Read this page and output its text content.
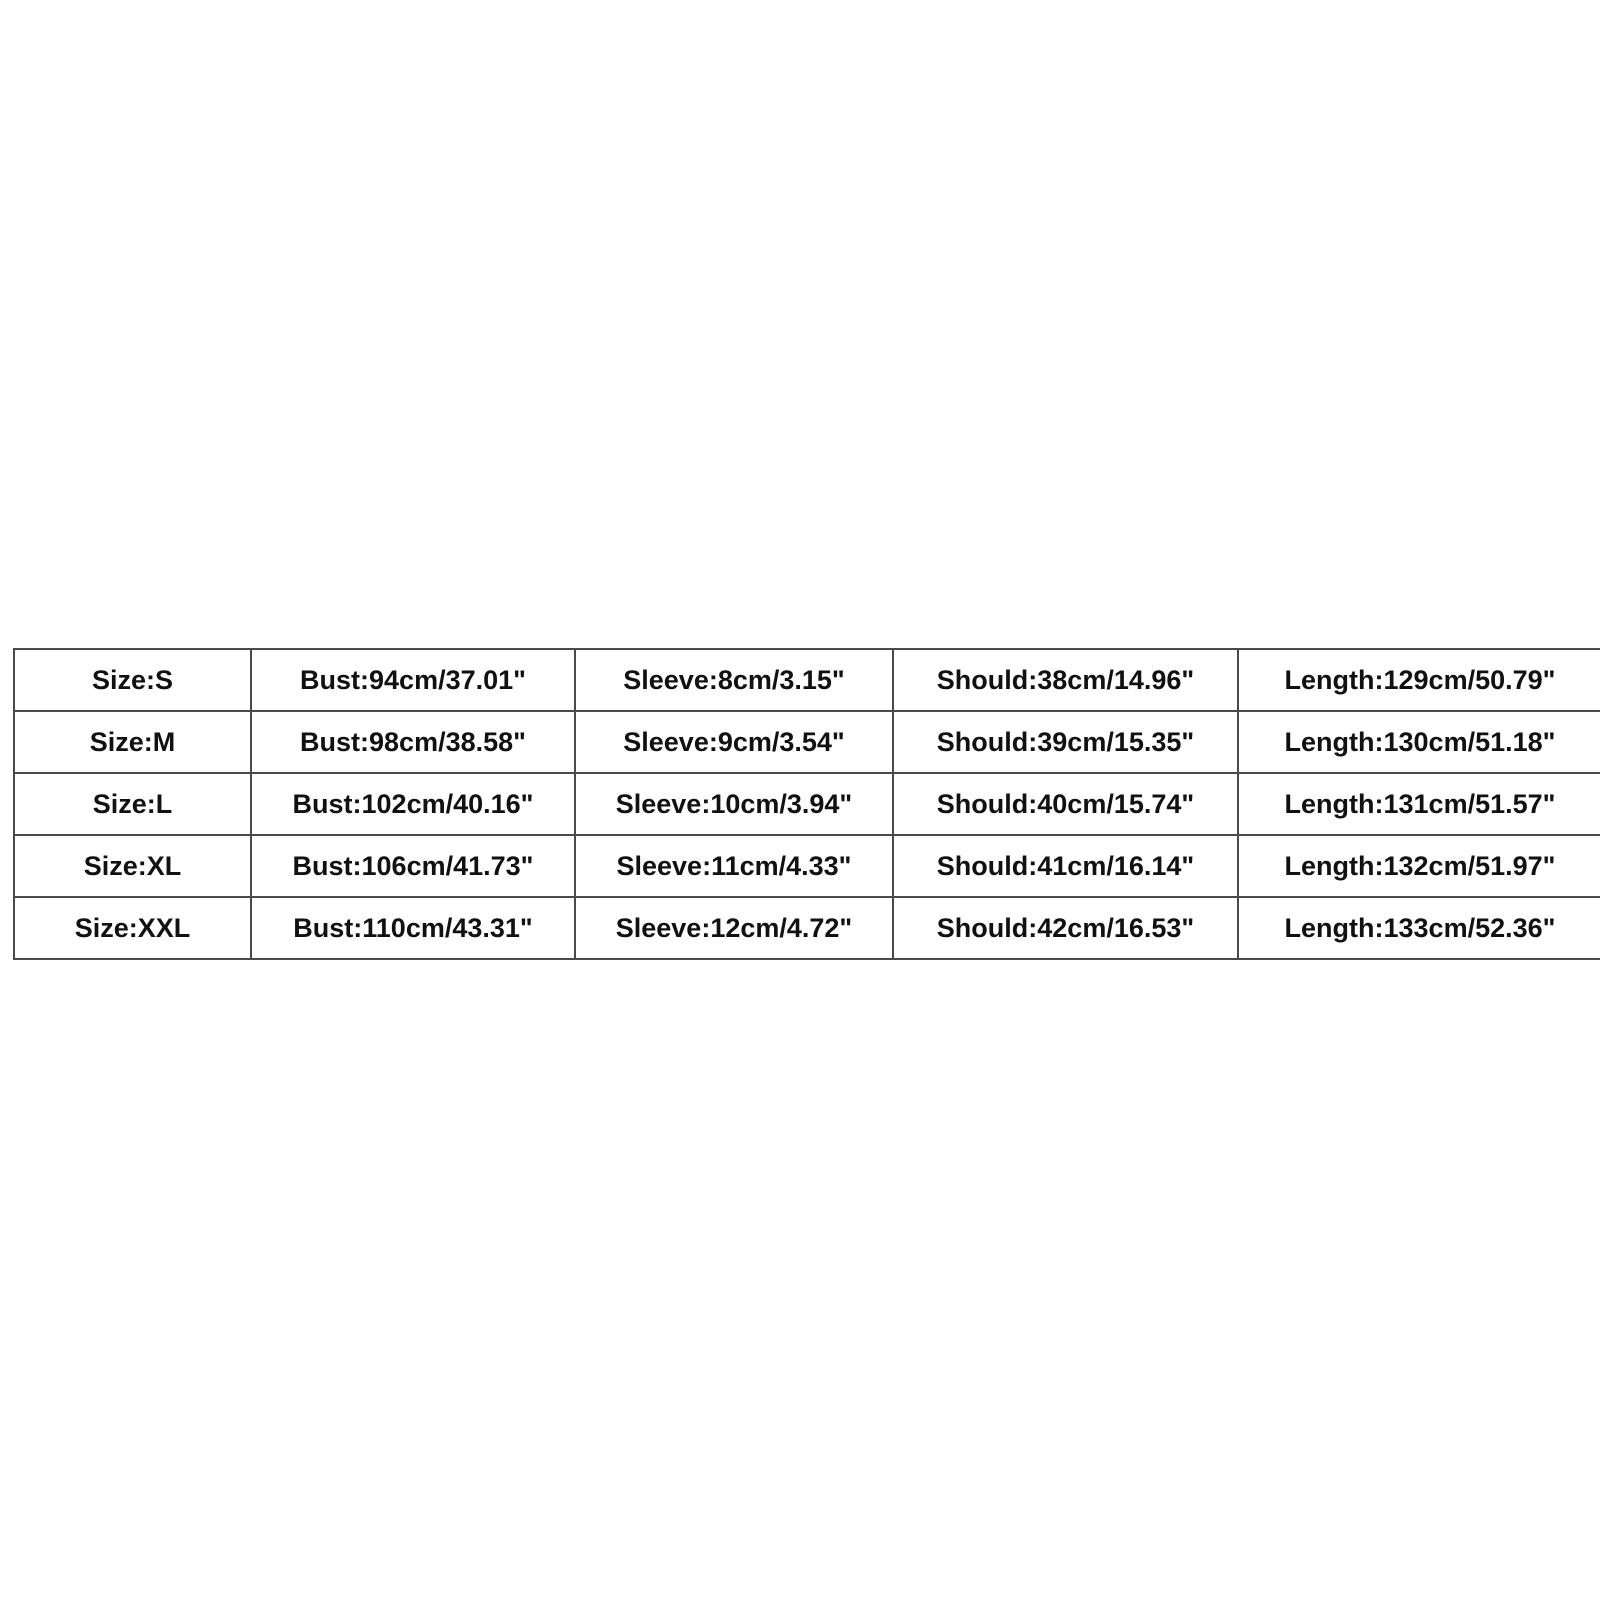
Size:S	Bust:94cm/37.01"	Sleeve:8cm/3.15"	Should:38cm/14.96"	Length:129cm/50.79"
Size:M	Bust:98cm/38.58"	Sleeve:9cm/3.54"	Should:39cm/15.35"	Length:130cm/51.18"
Size:L	Bust:102cm/40.16"	Sleeve:10cm/3.94"	Should:40cm/15.74"	Length:131cm/51.57"
Size:XL	Bust:106cm/41.73"	Sleeve:11cm/4.33"	Should:41cm/16.14"	Length:132cm/51.97"
Size:XXL	Bust:110cm/43.31"	Sleeve:12cm/4.72"	Should:42cm/16.53"	Length:133cm/52.36"
